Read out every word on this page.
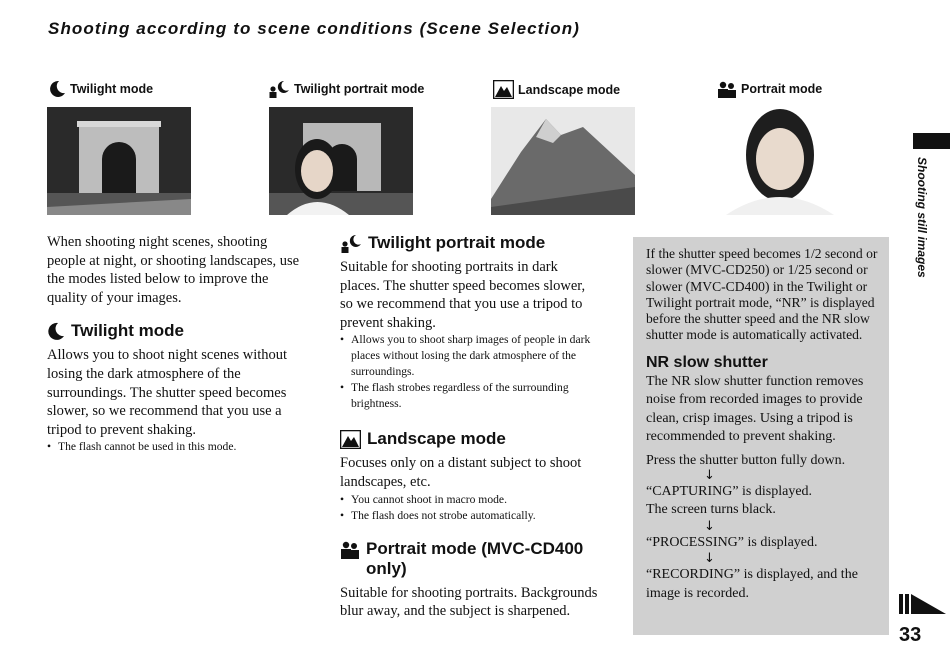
Shooting according to scene conditions (Scene Selection)
Twilight mode	Twilight portrait mode	Landscape mode	Portrait mode

When shooting night scenes, shooting people at night, or shooting landscapes, use the modes listed below to improve the quality of your images.

Twilight mode

Allows you to shoot night scenes without losing the dark atmosphere of the surroundings. The shutter speed becomes slower, so we recommend that you use a tripod to prevent shaking.

• The flash cannot be used in this mode.
Twilight portrait mode

Suitable for shooting portraits in dark places. The shutter speed becomes slower, so we recommend that you use a tripod to prevent shaking.

• Allows you to shoot sharp images of people in dark places without losing the dark atmosphere of the surroundings.
• The flash strobes regardless of the surrounding brightness.
Landscape mode

Focuses only on a distant subject to shoot landscapes, etc.

• You cannot shoot in macro mode.
• The flash does not strobe automatically.
Portrait mode (MVC-CD400 only)

Suitable for shooting portraits. Backgrounds blur away, and the subject is sharpened.

If the shutter speed becomes 1/2 second or slower (MVC-CD250) or 1/25 second or slower (MVC-CD400) in the Twilight or Twilight portrait mode, “NR” is displayed before the shutter speed and the NR slow shutter mode is automatically activated.

NR slow shutter

The NR slow shutter function removes noise from recorded images to provide clean, crisp images. Using a tripod is recommended to prevent shaking.

Press the shutter button fully down.

↓

“CAPTURING” is displayed.

The screen turns black.

↓

“PROCESSING” is displayed.

↓

“RECORDING” is displayed, and the image is recorded.

Shooting still images
33
